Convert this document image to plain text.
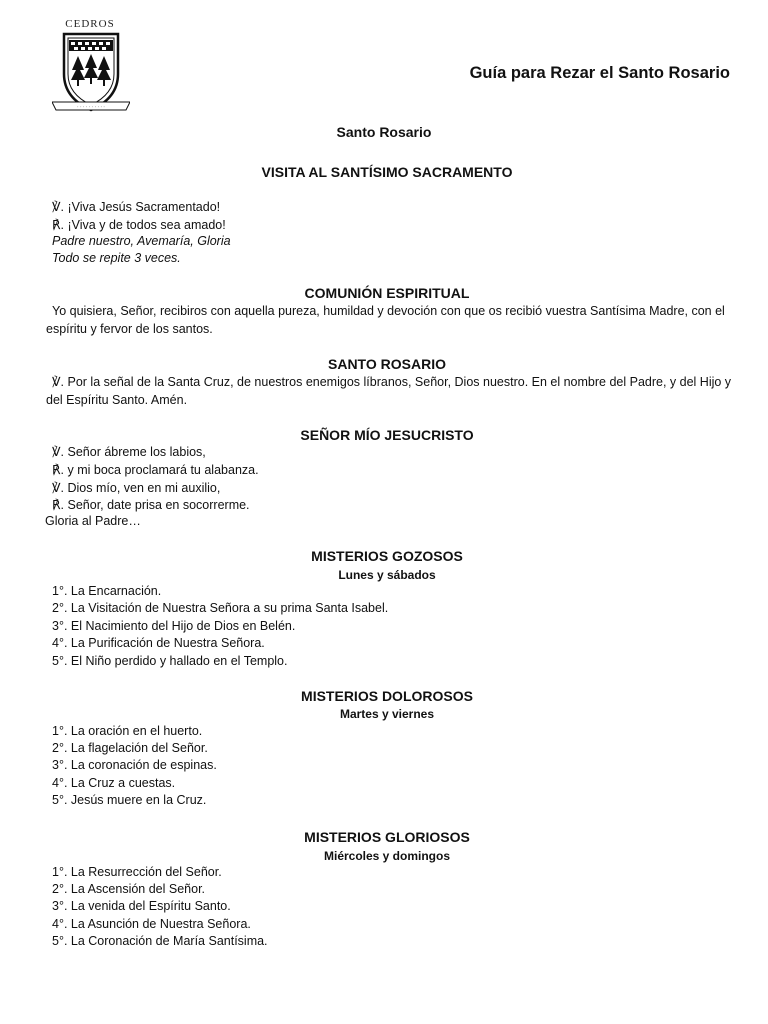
CEDROS
· · · · · · · · · ·
Guía para Rezar el Santo Rosario
Santo Rosario
VISITA AL SANTÍSIMO SACRAMENTO
℣. ¡Viva Jesús Sacramentado!
℟. ¡Viva y de todos sea amado!
Padre nuestro, Avemaría, Gloria
Todo se repite 3 veces.
COMUNIÓN ESPIRITUAL
Yo quisiera, Señor, recibiros con aquella pureza, humildad y devoción con que os recibió vuestra Santísima Madre, con el espíritu y fervor de los santos.
SANTO ROSARIO
℣. Por la señal de la Santa Cruz, de nuestros enemigos líbranos, Señor, Dios nuestro. En el nombre del Padre, y del Hijo y del Espíritu Santo. Amén.
SEÑOR MÍO JESUCRISTO
℣. Señor ábreme los labios,
℟. y mi boca proclamará tu alabanza.
℣. Dios mío, ven en mi auxilio,
℟. Señor, date prisa en socorrerme.
Gloria al Padre…
MISTERIOS GOZOSOS
Lunes y sábados
1°. La Encarnación.
2°. La Visitación de Nuestra Señora a su prima Santa Isabel.
3°. El Nacimiento del Hijo de Dios en Belén.
4°. La Purificación de Nuestra Señora.
5°. El Niño perdido y hallado en el Templo.
MISTERIOS DOLOROSOS
Martes y viernes
1°. La oración en el huerto.
2°. La flagelación del Señor.
3°. La coronación de espinas.
4°. La Cruz a cuestas.
5°. Jesús muere en la Cruz.
MISTERIOS GLORIOSOS
Miércoles y domingos
1°. La Resurrección del Señor.
2°. La Ascensión del Señor.
3°. La venida del Espíritu Santo.
4°. La Asunción de Nuestra Señora.
5°. La Coronación de María Santísima.
